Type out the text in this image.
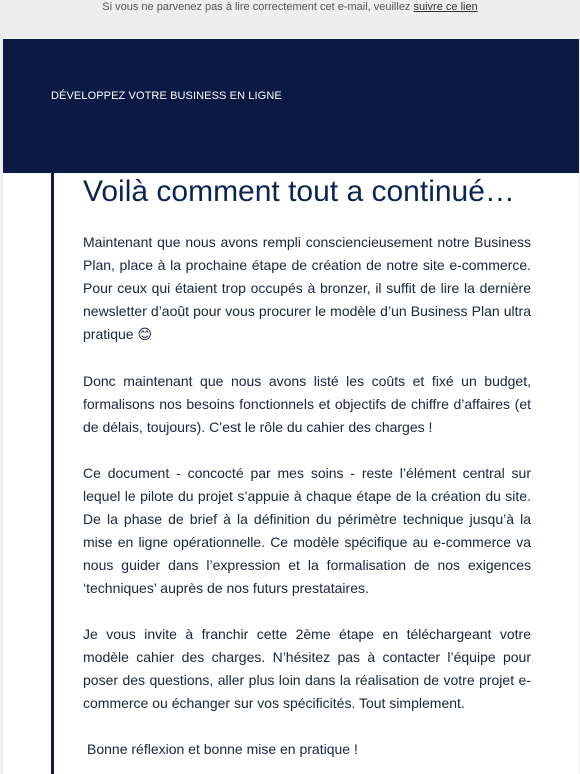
Si vous ne parvenez pas à lire correctement cet e-mail, veuillez suivre ce lien
DÉVELOPPEZ VOTRE BUSINESS EN LIGNE
Voilà comment tout a continué…

Maintenant que nous avons rempli consciencieusement notre Business Plan, place à la prochaine étape de création de notre site e-commerce. Pour ceux qui étaient trop occupés à bronzer, il suffit de lire la dernière newsletter d’août pour vous procurer le modèle d’un Business Plan ultra pratique 😊

Donc maintenant que nous avons listé les coûts et fixé un budget, formalisons nos besoins fonctionnels et objectifs de chiffre d’affaires (et de délais, toujours). C’est le rôle du cahier des charges !

Ce document - concocté par mes soins - reste l’élément central sur lequel le pilote du projet s’appuie à chaque étape de la création du site. De la phase de brief à la définition du périmètre technique jusqu’à la mise en ligne opérationnelle. Ce modèle spécifique au e-commerce va nous guider dans l’expression et la formalisation de nos exigences ‘techniques’ auprès de nos futurs prestataires.

Je vous invite à franchir cette 2ème étape en téléchargeant votre modèle cahier des charges. N’hésitez pas à contacter l’équipe pour poser des questions, aller plus loin dans la réalisation de votre projet e-commerce ou échanger sur vos spécificités. Tout simplement.

Bonne réflexion et bonne mise en pratique !
